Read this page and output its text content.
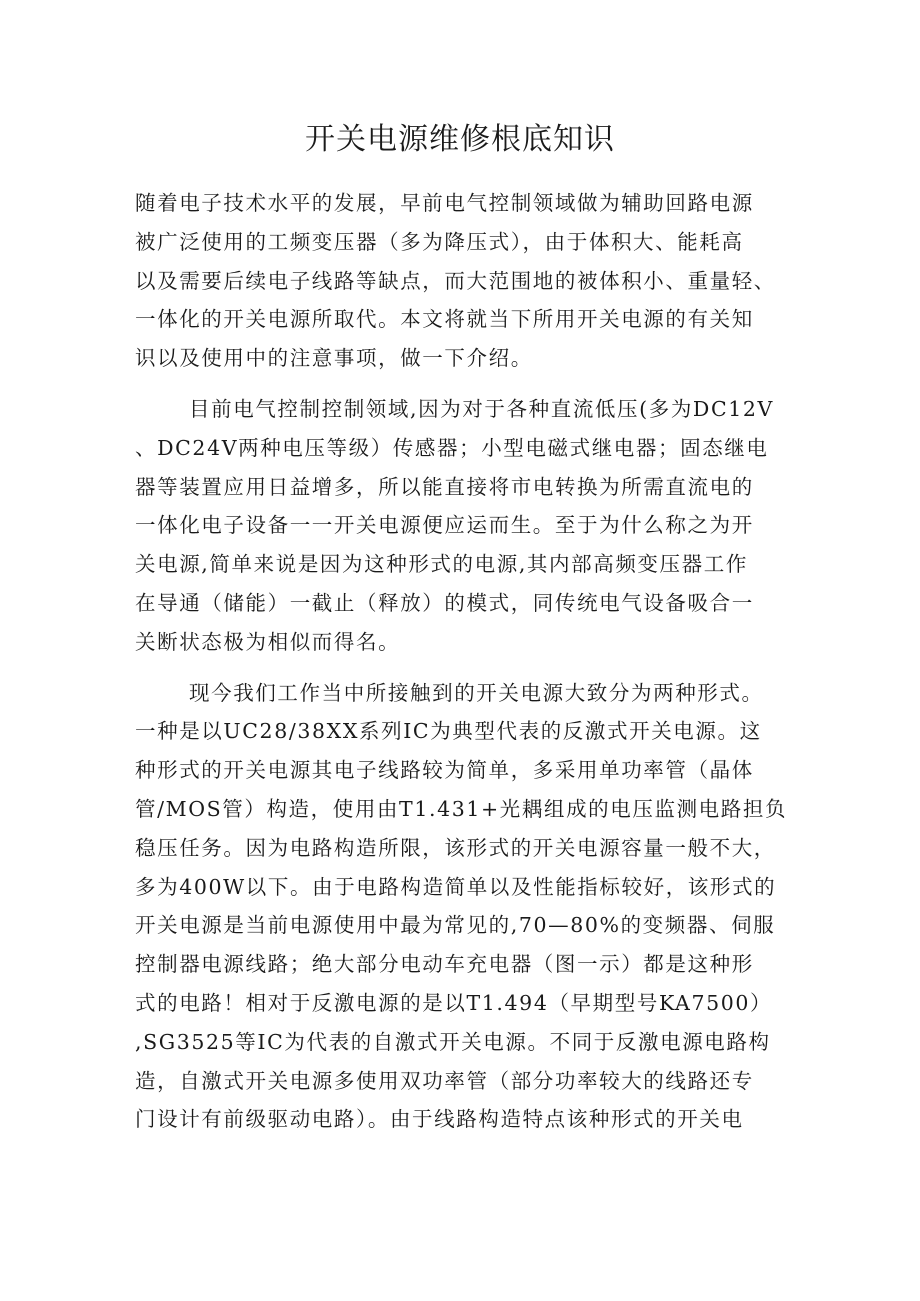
开关电源维修根底知识
随着电子技术水平的发展，早前电气控制领域做为辅助回路电源
被广泛使用的工频变压器（多为降压式），由于体积大、能耗高
以及需要后续电子线路等缺点，而大范围地的被体积小、重量轻、
一体化的开关电源所取代。本文将就当下所用开关电源的有关知
识以及使用中的注意事项，做一下介绍。
目前电气控制控制领域,因为对于各种直流低压(多为DC12V
、DC24V两种电压等级）传感器；小型电磁式继电器；固态继电
器等装置应用日益增多，所以能直接将市电转换为所需直流电的
一体化电子设备一一开关电源便应运而生。至于为什么称之为开
关电源,简单来说是因为这种形式的电源,其内部高频变压器工作
在导通（储能）一截止（释放）的模式，同传统电气设备吸合一
关断状态极为相似而得名。
现今我们工作当中所接触到的开关电源大致分为两种形式。
一种是以UC28/38XX系列IC为典型代表的反激式开关电源。这
种形式的开关电源其电子线路较为简单，多采用单功率管（晶体
管/MOS管）构造，使用由T1.431+光耦组成的电压监测电路担负
稳压任务。因为电路构造所限，该形式的开关电源容量一般不大，
多为400W以下。由于电路构造简单以及性能指标较好，该形式的
开关电源是当前电源使用中最为常见的,70—80%的变频器、伺服
控制器电源线路；绝大部分电动车充电器（图一示）都是这种形
式的电路！相对于反激电源的是以T1.494（早期型号KA7500）
,SG3525等IC为代表的自激式开关电源。不同于反激电源电路构
造，自激式开关电源多使用双功率管（部分功率较大的线路还专
门设计有前级驱动电路）。由于线路构造特点该种形式的开关电
